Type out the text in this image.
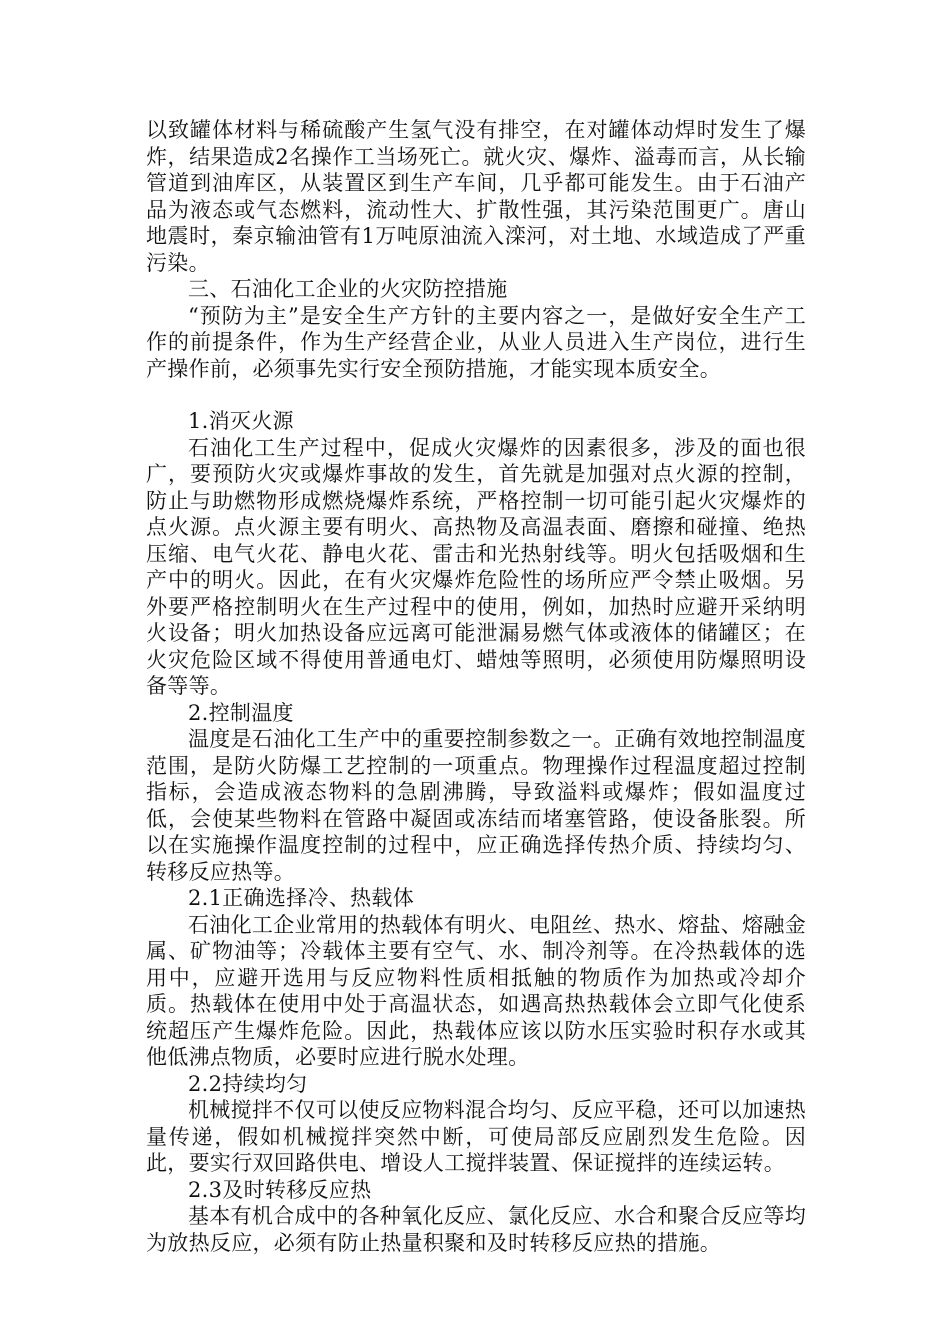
以致罐体材料与稀硫酸产生氢气没有排空，在对罐体动焊时发生了爆炸，结果造成2名操作工当场死亡。就火灾、爆炸、溢毒而言，从长输管道到油库区，从装置区到生产车间，几乎都可能发生。由于石油产品为液态或气态燃料，流动性大、扩散性强，其污染范围更广。唐山地震时，秦京输油管有1万吨原油流入滦河，对土地、水域造成了严重污染。

三、石油化工企业的火灾防控措施

“预防为主”是安全生产方针的主要内容之一，是做好安全生产工作的前提条件，作为生产经营企业，从业人员进入生产岗位，进行生产操作前，必须事先实行安全预防措施，才能实现本质安全。

1.消灭火源

石油化工生产过程中，促成火灾爆炸的因素很多，涉及的面也很广，要预防火灾或爆炸事故的发生，首先就是加强对点火源的控制，防止与助燃物形成燃烧爆炸系统，严格控制一切可能引起火灾爆炸的点火源。点火源主要有明火、高热物及高温表面、磨擦和碰撞、绝热压缩、电气火花、静电火花、雷击和光热射线等。明火包括吸烟和生产中的明火。因此，在有火灾爆炸危险性的场所应严令禁止吸烟。另外要严格控制明火在生产过程中的使用，例如，加热时应避开采纳明火设备；明火加热设备应远离可能泄漏易燃气体或液体的储罐区；在火灾危险区域不得使用普通电灯、蜡烛等照明，必须使用防爆照明设备等等。

2.控制温度

温度是石油化工生产中的重要控制参数之一。正确有效地控制温度范围，是防火防爆工艺控制的一项重点。物理操作过程温度超过控制指标，会造成液态物料的急剧沸腾，导致溢料或爆炸；假如温度过低，会使某些物料在管路中凝固或冻结而堵塞管路，使设备胀裂。所以在实施操作温度控制的过程中，应正确选择传热介质、持续均匀、转移反应热等。

2.1正确选择冷、热载体

石油化工企业常用的热载体有明火、电阻丝、热水、熔盐、熔融金属、矿物油等；冷载体主要有空气、水、制冷剂等。在冷热载体的选用中，应避开选用与反应物料性质相抵触的物质作为加热或冷却介质。热载体在使用中处于高温状态，如遇高热热载体会立即气化使系统超压产生爆炸危险。因此，热载体应该以防水压实验时积存水或其他低沸点物质，必要时应进行脱水处理。

2.2持续均匀

机械搅拌不仅可以使反应物料混合均匀、反应平稳，还可以加速热量传递，假如机械搅拌突然中断，可使局部反应剧烈发生危险。因此，要实行双回路供电、增设人工搅拌装置、保证搅拌的连续运转。

2.3及时转移反应热

基本有机合成中的各种氧化反应、氯化反应、水合和聚合反应等均为放热反应，必须有防止热量积聚和及时转移反应热的措施。
